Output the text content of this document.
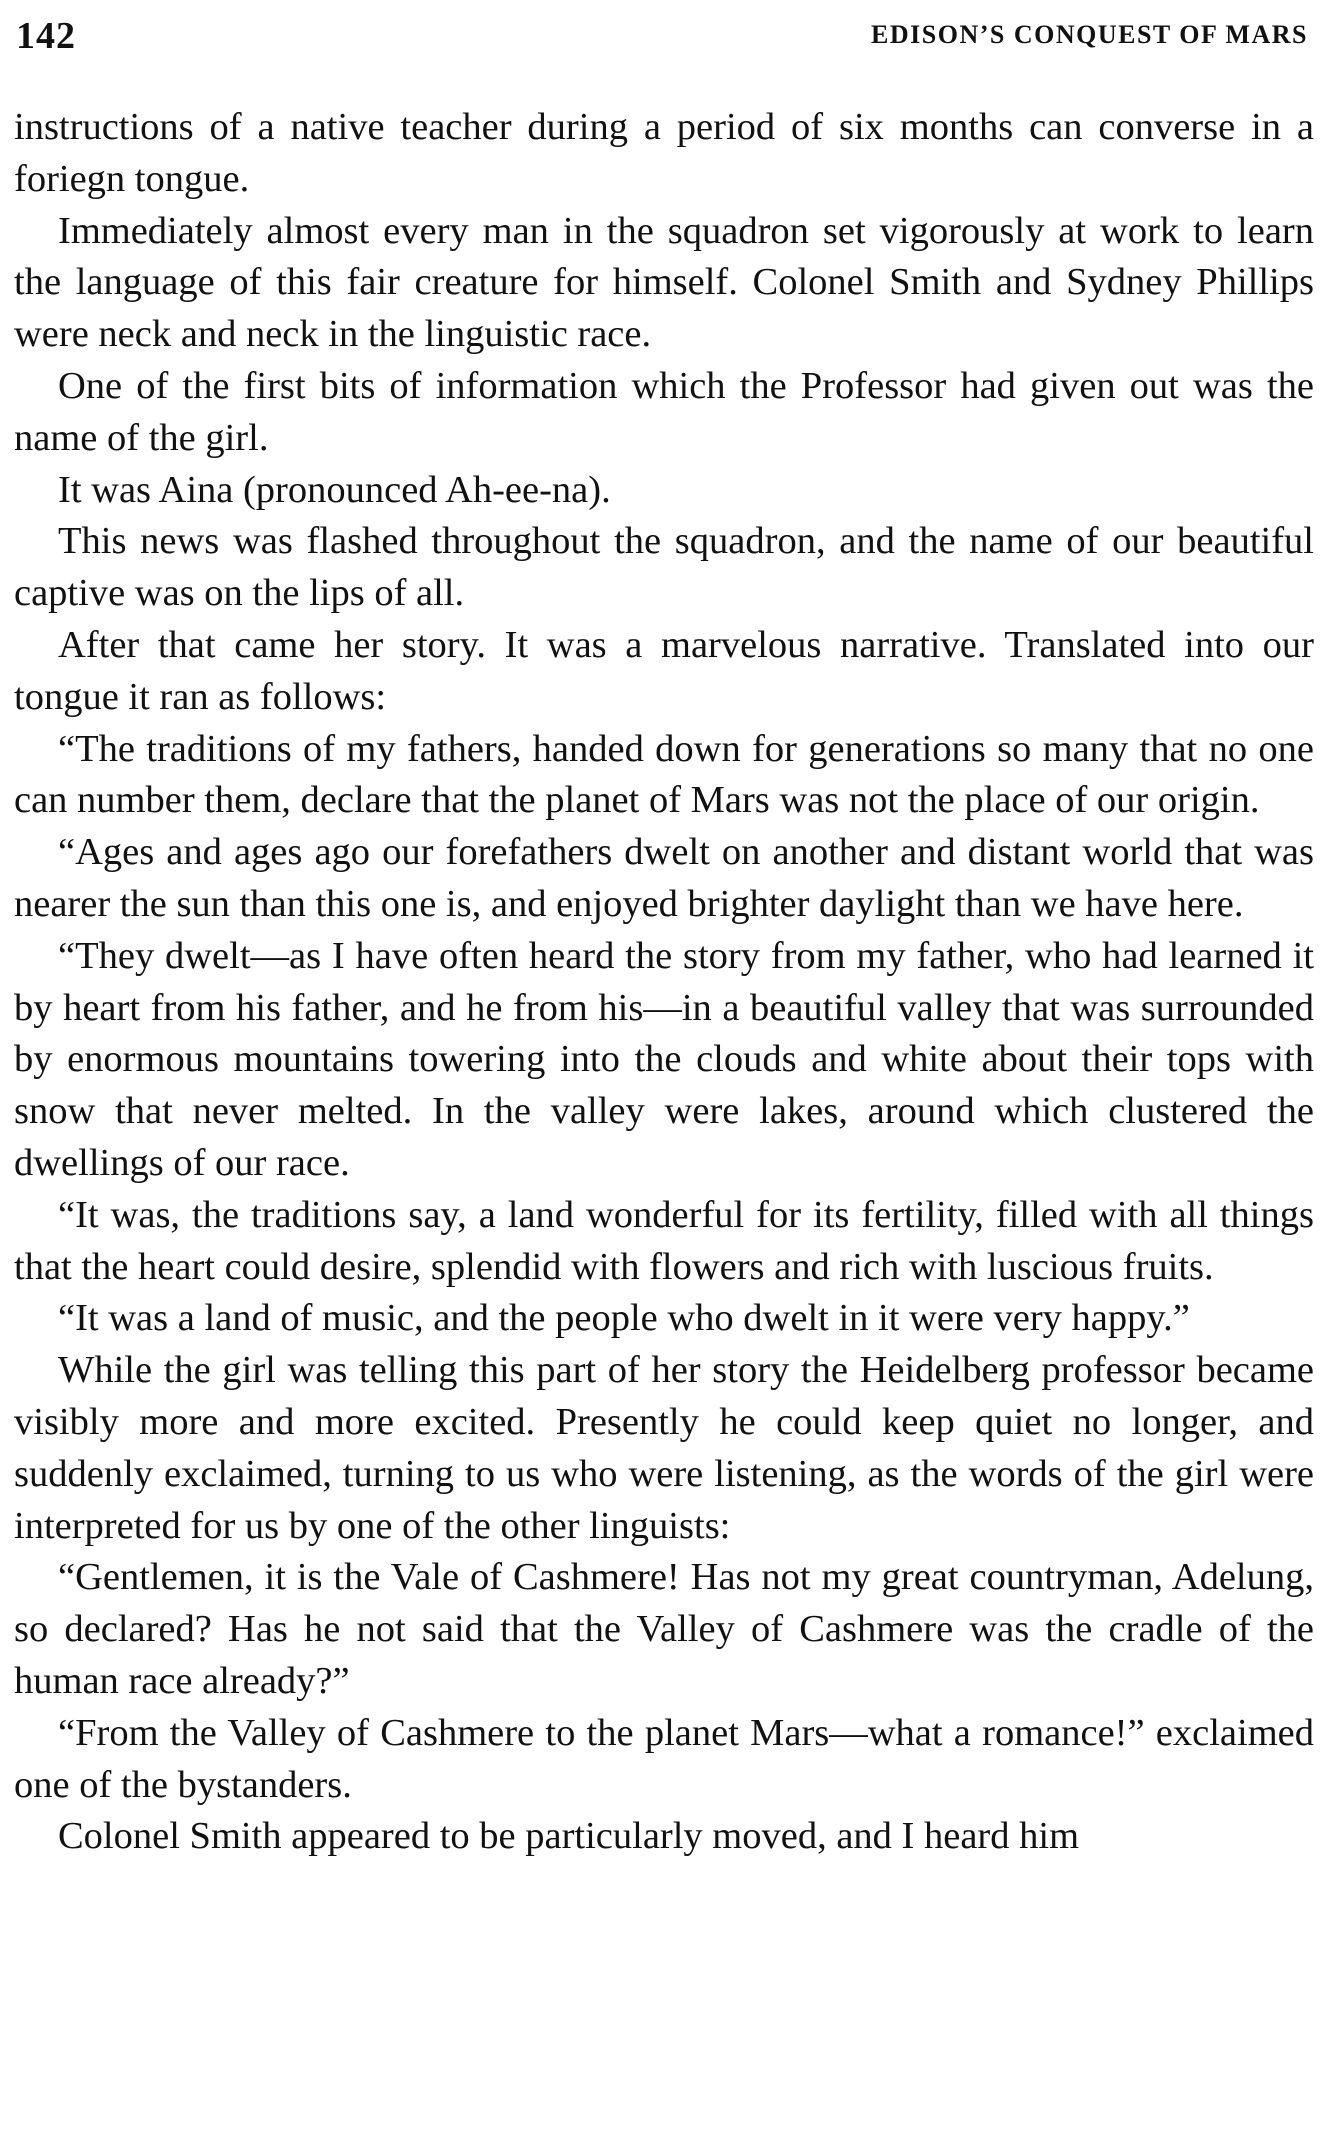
142	EDISON’S CONQUEST OF MARS

instructions of a native teacher during a period of six months can converse in a foriegn tongue.

Immediately almost every man in the squadron set vigorously at work to learn the language of this fair creature for himself. Colonel Smith and Sydney Phillips were neck and neck in the linguistic race.

One of the first bits of information which the Professor had given out was the name of the girl.

It was Aina (pronounced Ah-ee-na).

This news was flashed throughout the squadron, and the name of our beautiful captive was on the lips of all.

After that came her story. It was a marvelous narrative. Translated into our tongue it ran as follows:

“The traditions of my fathers, handed down for generations so many that no one can number them, declare that the planet of Mars was not the place of our origin.

“Ages and ages ago our forefathers dwelt on another and distant world that was nearer the sun than this one is, and enjoyed brighter daylight than we have here.

“They dwelt—as I have often heard the story from my father, who had learned it by heart from his father, and he from his—in a beautiful valley that was surrounded by enormous mountains towering into the clouds and white about their tops with snow that never melted. In the valley were lakes, around which clustered the dwellings of our race.

“It was, the traditions say, a land wonderful for its fertility, filled with all things that the heart could desire, splendid with flowers and rich with luscious fruits.

“It was a land of music, and the people who dwelt in it were very happy.”

While the girl was telling this part of her story the Heidelberg professor became visibly more and more excited. Presently he could keep quiet no longer, and suddenly exclaimed, turning to us who were listening, as the words of the girl were interpreted for us by one of the other linguists:

“Gentlemen, it is the Vale of Cashmere! Has not my great countryman, Adelung, so declared? Has he not said that the Valley of Cashmere was the cradle of the human race already?”

“From the Valley of Cashmere to the planet Mars—what a romance!” exclaimed one of the bystanders.

Colonel Smith appeared to be particularly moved, and I heard him
